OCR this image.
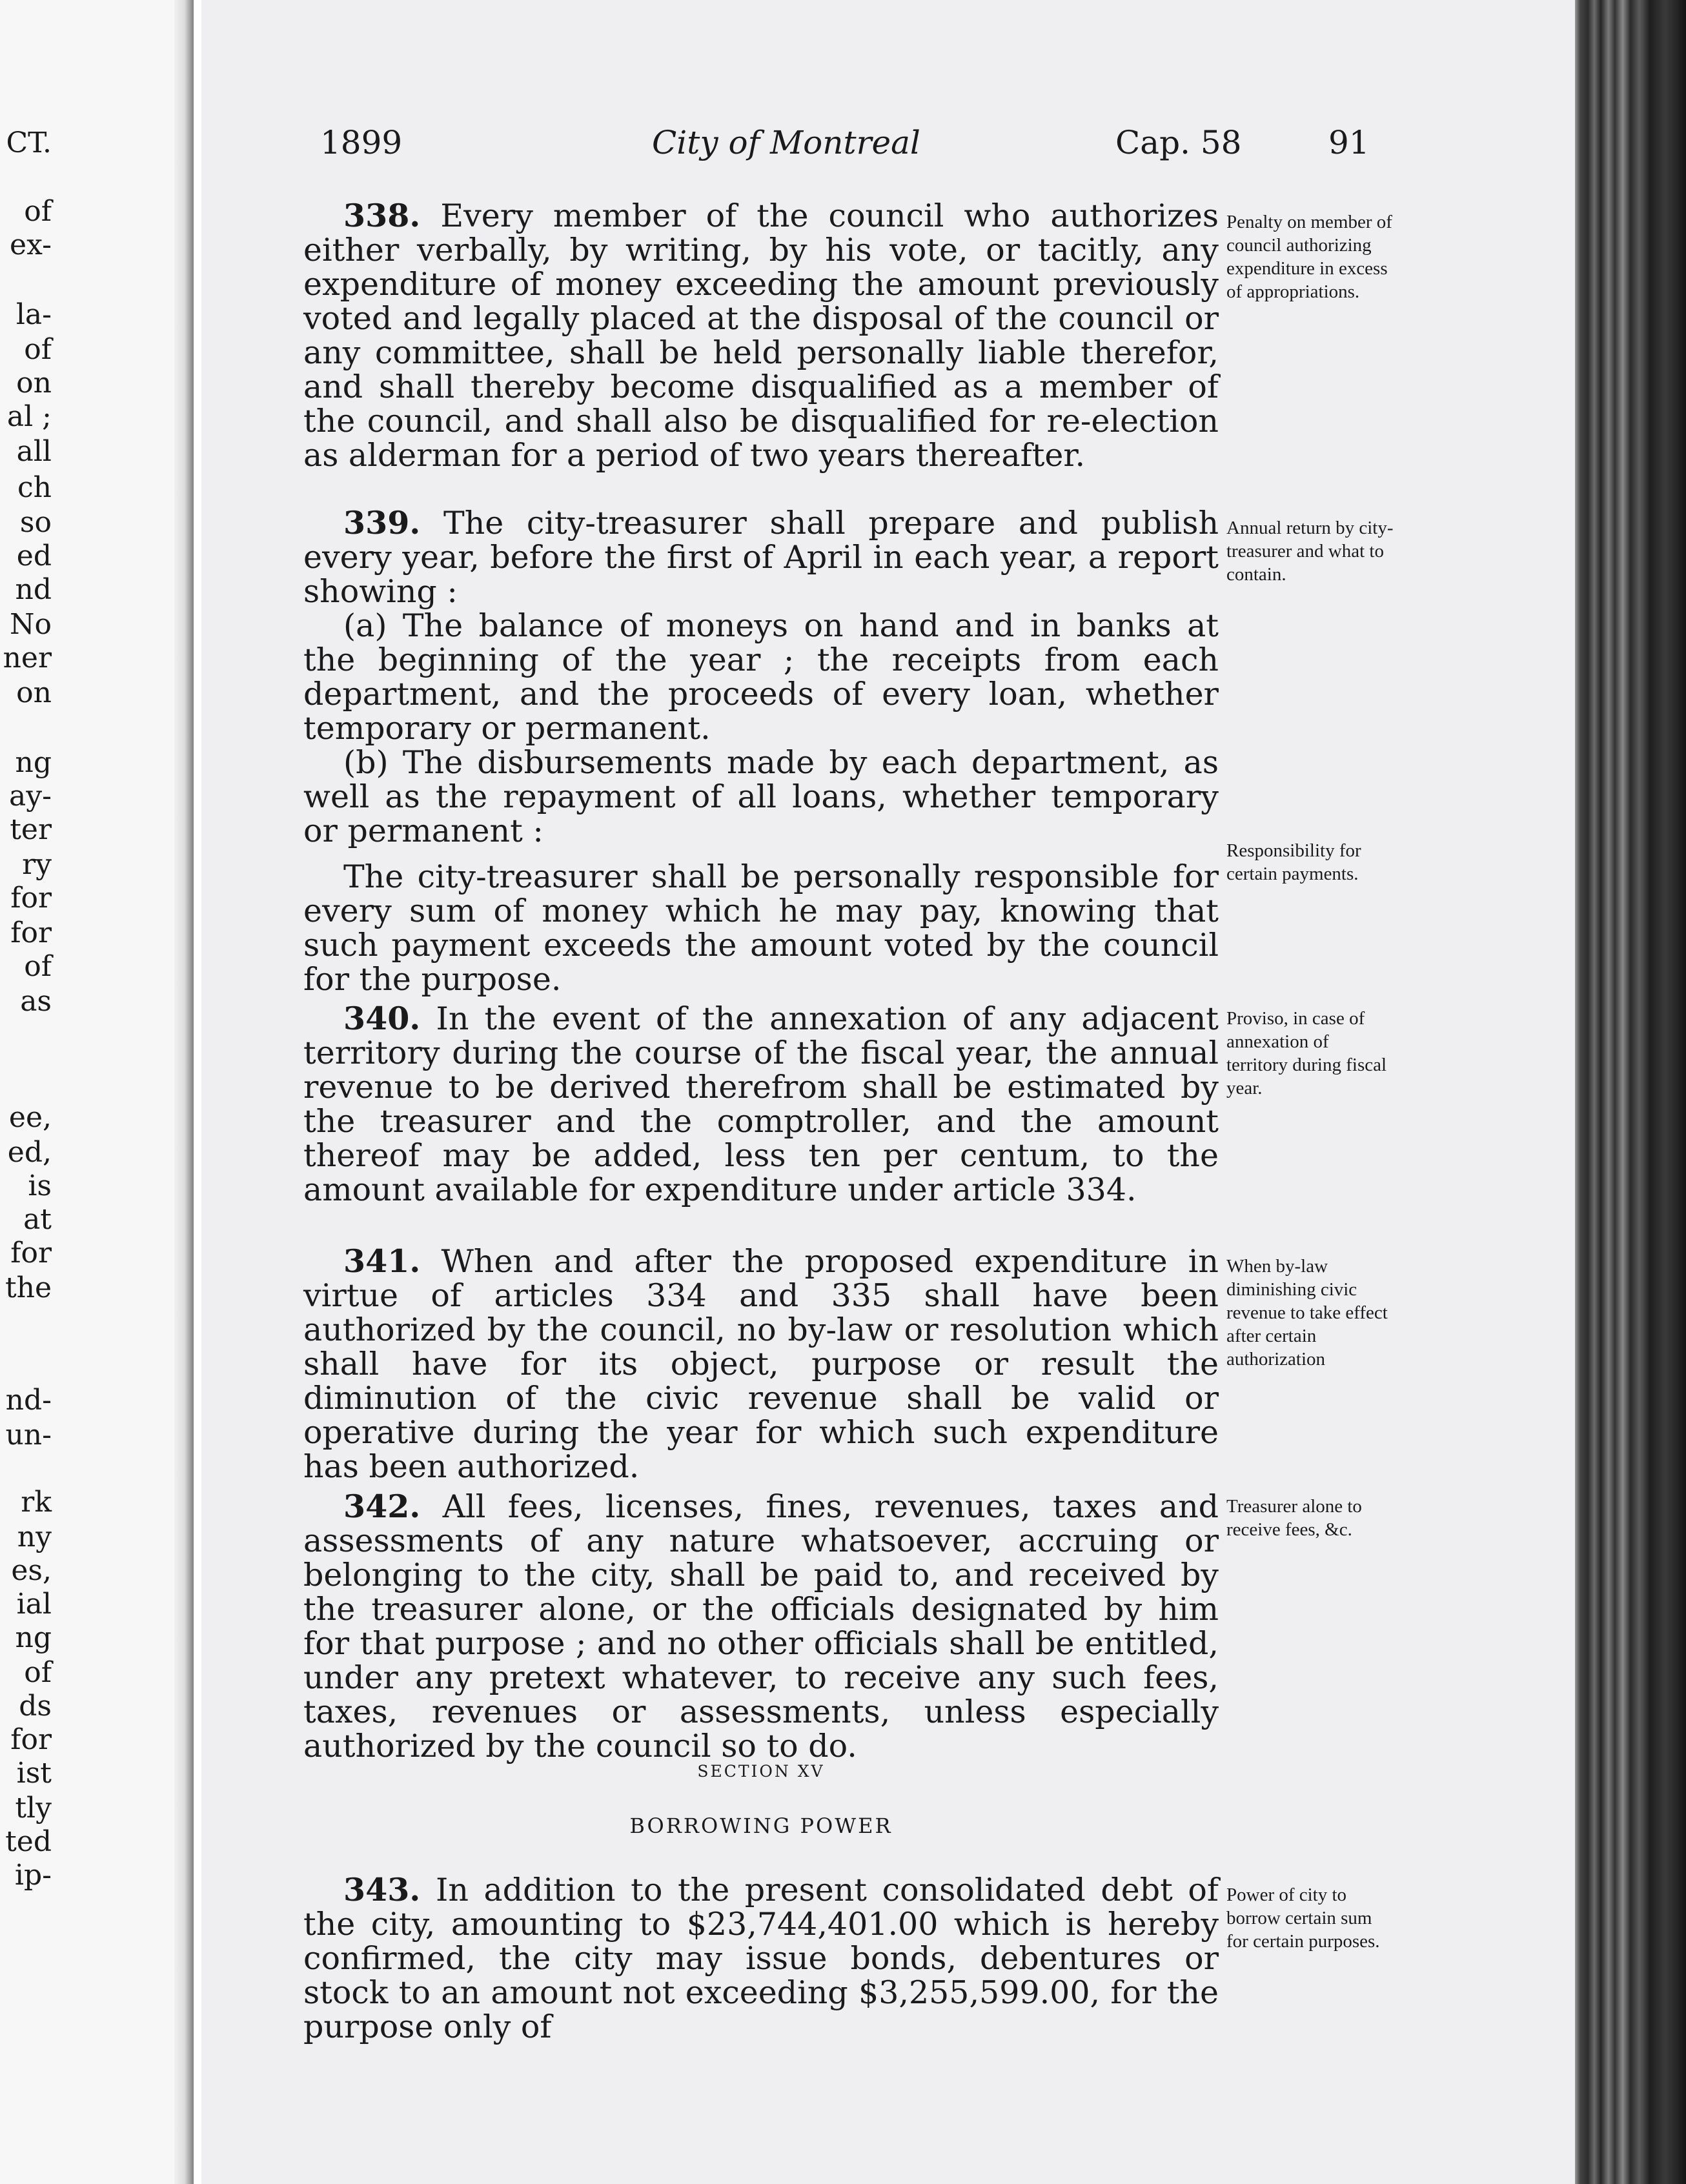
CT.
of
ex-
la-
of
on
al ;
all
ch
so
ed
nd
No
ner
on
ng
ay-
ter
ry
for
for
of
as
ee,
ed,
is
at
for
the
nd-
un-
rk
ny
es,
ial
ng
of
ds
for
ist
tly
ted
ip-
1899	City of Montreal	Cap. 58	91
338. Every member of the council who authorizes either verbally, by writing, by his vote, or tacitly, any expenditure of money exceeding the amount previously voted and legally placed at the disposal of the council or any committee, shall be held personally liable therefor, and shall thereby become disqualified as a member of the council, and shall also be disqualified for re-election as alderman for a period of two years thereafter.
Penalty on member of council authorizing expenditure in excess of appropriations.
339. The city-treasurer shall prepare and publish every year, before the first of April in each year, a report showing :
(a) The balance of moneys on hand and in banks at the beginning of the year ; the receipts from each department, and the proceeds of every loan, whether temporary or permanent.
(b) The disbursements made by each department, as well as the repayment of all loans, whether temporary or permanent :
The city-treasurer shall be personally responsible for every sum of money which he may pay, knowing that such payment exceeds the amount voted by the council for the purpose.
Annual return by city-treasurer and what to contain.
Responsibility for certain payments.
340. In the event of the annexation of any adjacent territory during the course of the fiscal year, the annual revenue to be derived therefrom shall be estimated by the treasurer and the comptroller, and the amount thereof may be added, less ten per centum, to the amount available for expenditure under article 334.
Proviso, in case of annexation of territory during fiscal year.
341. When and after the proposed expenditure in virtue of articles 334 and 335 shall have been authorized by the council, no by-law or resolution which shall have for its object, purpose or result the diminution of the civic revenue shall be valid or operative during the year for which such expenditure has been authorized.
When by-law diminishing civic revenue to take effect after certain authorization
342. All fees, licenses, fines, revenues, taxes and assessments of any nature whatsoever, accruing or belonging to the city, shall be paid to, and received by the treasurer alone, or the officials designated by him for that purpose ; and no other officials shall be entitled, under any pretext whatever, to receive any such fees, taxes, revenues or assessments, unless especially authorized by the council so to do.
Treasurer alone to receive fees, &c.
SECTION XV
BORROWING POWER
343. In addition to the present consolidated debt of the city, amounting to $23,744,401.00 which is hereby confirmed, the city may issue bonds, debentures or stock to an amount not exceeding $3,255,599.00, for the purpose only of
Power of city to borrow certain sum for certain purposes.
